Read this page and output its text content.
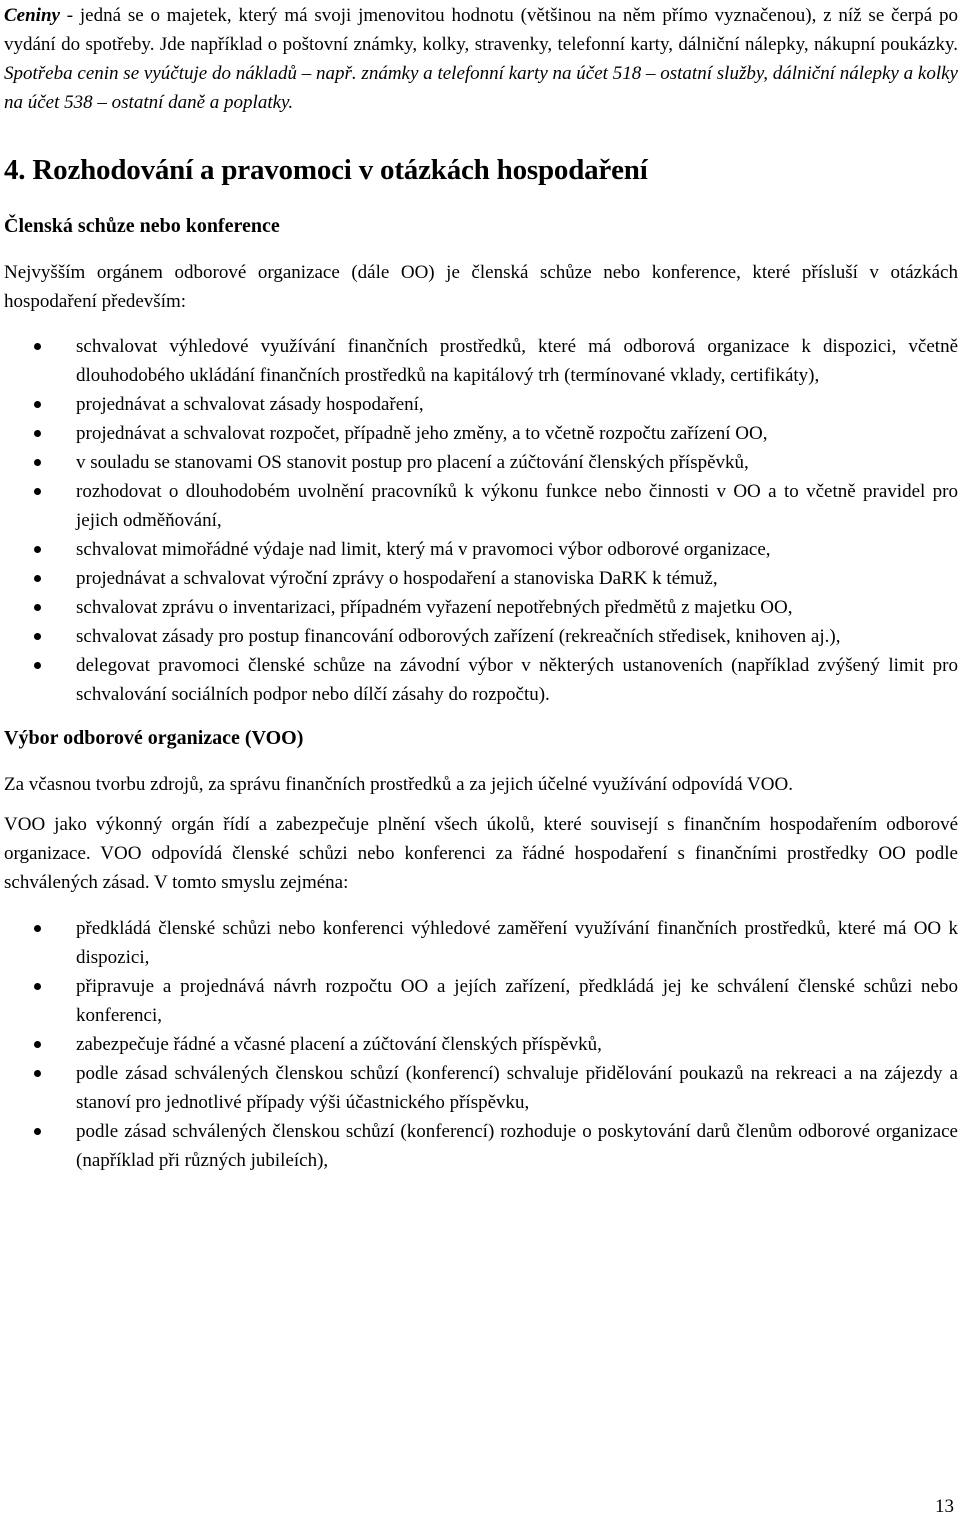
Ceniny - jedná se o majetek, který má svoji jmenovitou hodnotu (většinou na něm přímo vyznačenou), z níž se čerpá po vydání do spotřeby. Jde například o poštovní známky, kolky, stravenky, telefonní karty, dálniční nálepky, nákupní poukázky. Spotřeba cenin se vyúčtuje do nákladů – např. známky a telefonní karty na účet 518 – ostatní služby, dálniční nálepky a kolky na účet 538 – ostatní daně a poplatky.

4. Rozhodování a pravomoci v otázkách hospodaření
Členská schůze nebo konference

Nejvyšším orgánem odborové organizace (dále OO) je členská schůze nebo konference, které přísluší v otázkách hospodaření především:

schvalovat výhledové využívání finančních prostředků, které má odborová organizace k dispozici, včetně dlouhodobého ukládání finančních prostředků na kapitálový trh (termínované vklady, certifikáty),
projednávat a schvalovat zásady hospodaření,
projednávat a schvalovat rozpočet, případně jeho změny, a to včetně rozpočtu zařízení OO,
v souladu se stanovami OS stanovit postup pro placení a zúčtování členských příspěvků,
rozhodovat o dlouhodobém uvolnění pracovníků k výkonu funkce nebo činnosti v OO a to včetně pravidel pro jejich odměňování,
schvalovat mimořádné výdaje nad limit, který má v pravomoci výbor odborové organizace,
projednávat a schvalovat výroční zprávy o hospodaření a stanoviska DaRK k témuž,
schvalovat zprávu o inventarizaci, případném vyřazení nepotřebných předmětů z majetku OO,
schvalovat zásady pro postup financování odborových zařízení (rekreačních středisek, knihoven aj.),
delegovat pravomoci členské schůze na závodní výbor v některých ustanoveních (například zvýšený limit pro schvalování sociálních podpor nebo dílčí zásahy do rozpočtu).
Výbor odborové organizace (VOO)

Za včasnou tvorbu zdrojů, za správu finančních prostředků a za jejich účelné využívání odpovídá VOO.

VOO jako výkonný orgán řídí a zabezpečuje plnění všech úkolů, které souvisejí s finančním hospodařením odborové organizace. VOO odpovídá členské schůzi nebo konferenci za řádné hospodaření s finančními prostředky OO podle schválených zásad. V tomto smyslu zejména:

předkládá členské schůzi nebo konferenci výhledové zaměření využívání finančních prostředků, které má OO k dispozici,
připravuje a projednává návrh rozpočtu OO a jejích zařízení, předkládá jej ke schválení členské schůzi nebo konferenci,
zabezpečuje řádné a včasné placení a zúčtování členských příspěvků,
podle zásad schválených členskou schůzí (konferencí) schvaluje přidělování poukazů na rekreaci a na zájezdy a stanoví pro jednotlivé případy výši účastnického příspěvku,
podle zásad schválených členskou schůzí (konferencí) rozhoduje o poskytování darů členům odborové organizace (například při různých jubileích),
13
